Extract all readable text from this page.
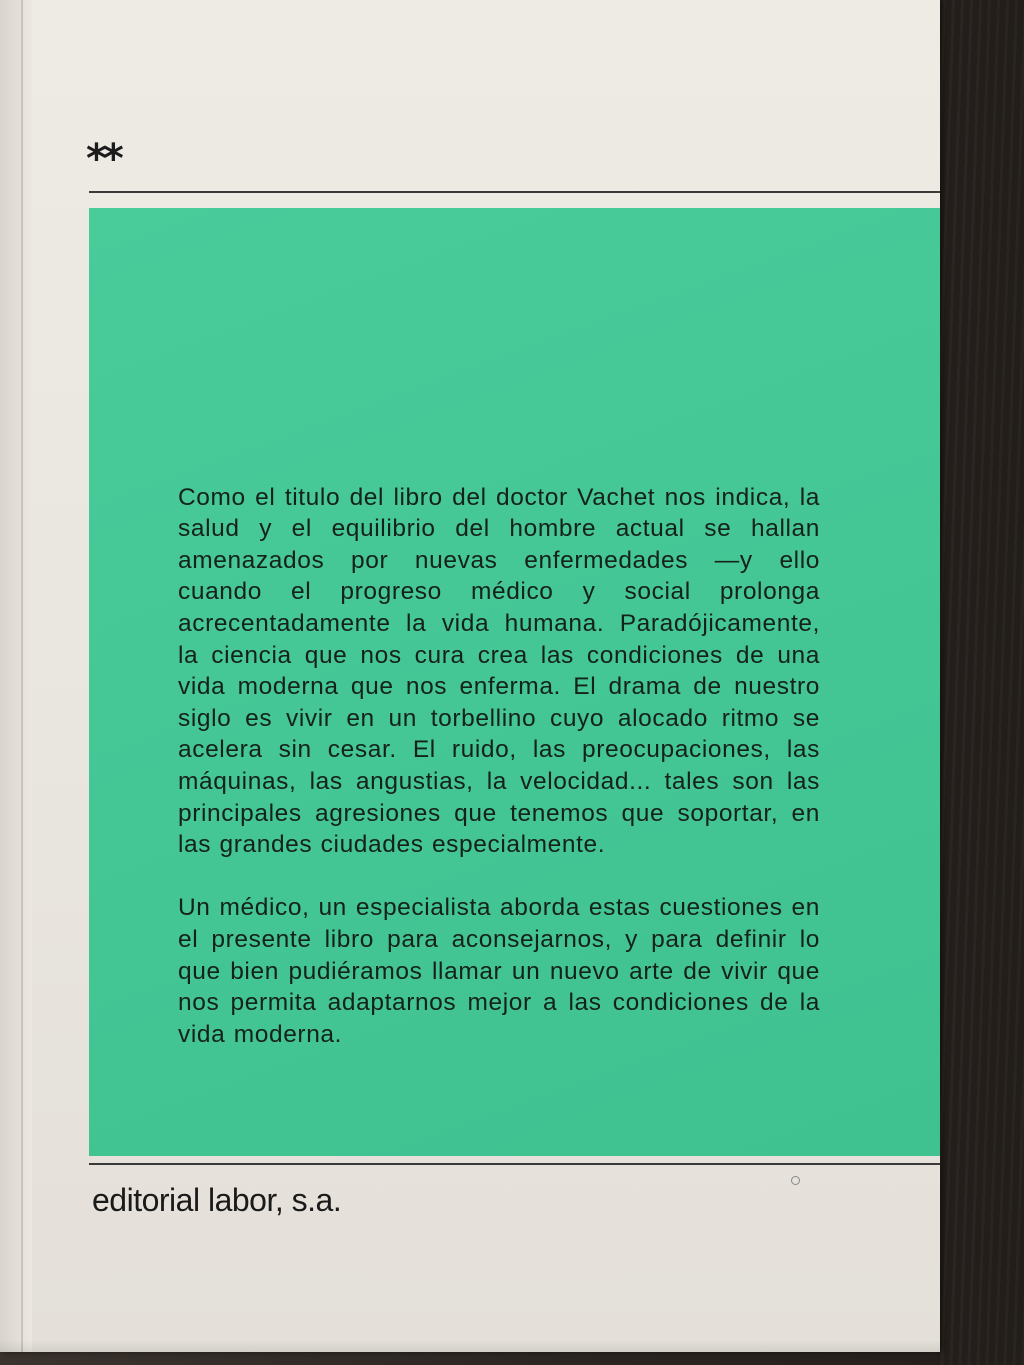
**

Como el titulo del libro del doctor Vachet nos indica, la salud y el equilibrio del hombre actual se hallan amenazados por nuevas enfermedades —y ello cuando el progreso médico y social prolonga acrecentadamente la vida humana. Paradójicamente, la ciencia que nos cura crea las condiciones de una vida moderna que nos enferma. El drama de nuestro siglo es vivir en un torbellino cuyo alocado ritmo se acelera sin cesar. El ruido, las preocupaciones, las máquinas, las angustias, la velocidad... tales son las principales agresiones que tenemos que soportar, en las grandes ciudades especialmente.

Un médico, un especialista aborda estas cuestiones en el presente libro para aconsejarnos, y para definir lo que bien pudiéramos llamar un nuevo arte de vivir que nos permita adaptarnos mejor a las condiciones de la vida moderna.

editorial labor, s.a.
